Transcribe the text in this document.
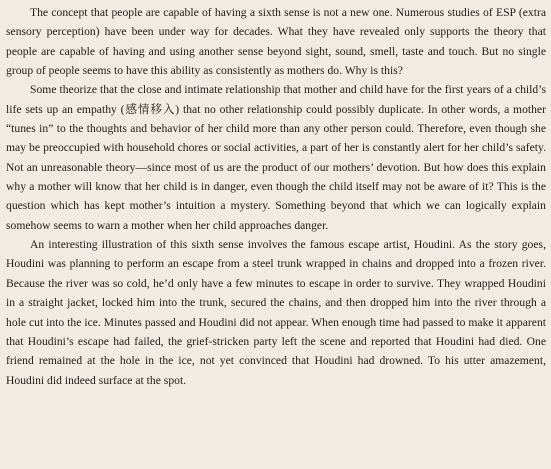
The concept that people are capable of having a sixth sense is not a new one. Numerous studies of ESP (extra sensory perception) have been under way for decades. What they have revealed only supports the theory that people are capable of having and using another sense beyond sight, sound, smell, taste and touch. But no single group of people seems to have this ability as consistently as mothers do. Why is this?

Some theorize that the close and intimate relationship that mother and child have for the first years of a child’s life sets up an empathy (感情移入) that no other relationship could possibly duplicate. In other words, a mother “tunes in” to the thoughts and behavior of her child more than any other person could. Therefore, even though she may be preoccupied with household chores or social activities, a part of her is constantly alert for her child’s safety. Not an unreasonable theory—since most of us are the product of our mothers’ devotion. But how does this explain why a mother will know that her child is in danger, even though the child itself may not be aware of it? This is the question which has kept mother’s intuition a mystery. Something beyond that which we can logically explain somehow seems to warn a mother when her child approaches danger.

An interesting illustration of this sixth sense involves the famous escape artist, Houdini. As the story goes, Houdini was planning to perform an escape from a steel trunk wrapped in chains and dropped into a frozen river. Because the river was so cold, he’d only have a few minutes to escape in order to survive. They wrapped Houdini in a straight jacket, locked him into the trunk, secured the chains, and then dropped him into the river through a hole cut into the ice. Minutes passed and Houdini did not appear. When enough time had passed to make it apparent that Houdini’s escape had failed, the grief-stricken party left the scene and reported that Houdini had died. One friend remained at the hole in the ice, not yet convinced that Houdini had drowned. To his utter amazement, Houdini did indeed surface at the spot.
